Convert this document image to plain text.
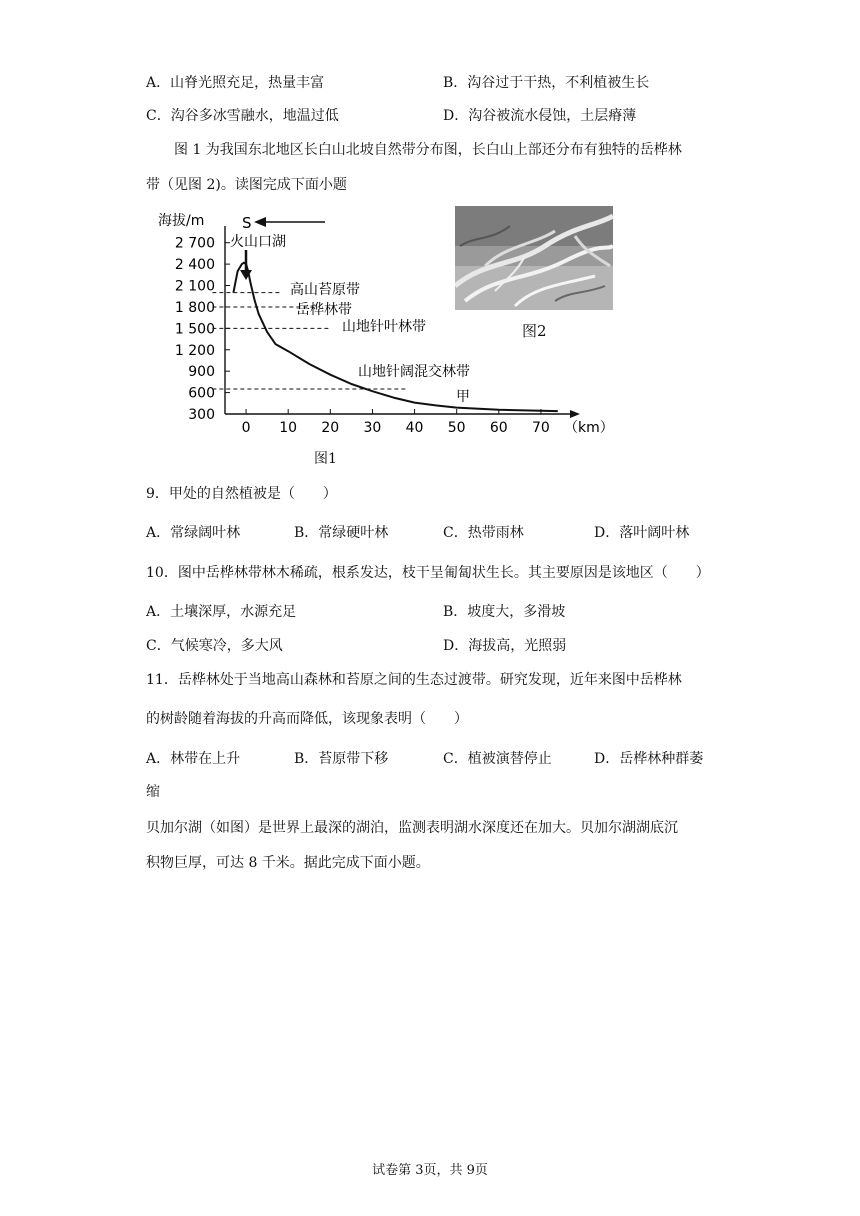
A．山脊光照充足，热量丰富	B．沟谷过于干热，不利植被生长
C．沟谷多冰雪融水，地温过低	D．沟谷被流水侵蚀，土层瘠薄
图 1 为我国东北地区长白山北坡自然带分布图，长白山上部还分布有独特的岳桦林
带（见图 2)。读图完成下面小题
300
600
900
1 200
1 500
1 800
2 100
2 400
2 700
0 10 20 30 40 50 60 70
海拔/m
（km）
S
火山口湖
高山苔原带
岳桦林带
山地针叶林带
山地针阔混交林带
甲
图1
图2
9．甲处的自然植被是（　　）
A．常绿阔叶林	B．常绿硬叶林	C．热带雨林	D．落叶阔叶林
10．图中岳桦林带林木稀疏，根系发达，枝干呈匍匐状生长。其主要原因是该地区（　　）
A．土壤深厚，水源充足	B．坡度大，多滑坡
C．气候寒冷，多大风	D．海拔高，光照弱
11．岳桦林处于当地高山森林和苔原之间的生态过渡带。研究发现，近年来图中岳桦林
的树龄随着海拔的升高而降低，该现象表明（　　）
A．林带在上升	B．苔原带下移	C．植被演替停止	D．岳桦林种群萎
缩
贝加尔湖（如图）是世界上最深的湖泊，监测表明湖水深度还在加大。贝加尔湖湖底沉
积物巨厚，可达 8 千米。据此完成下面小题。
试卷第 3页，共 9页
